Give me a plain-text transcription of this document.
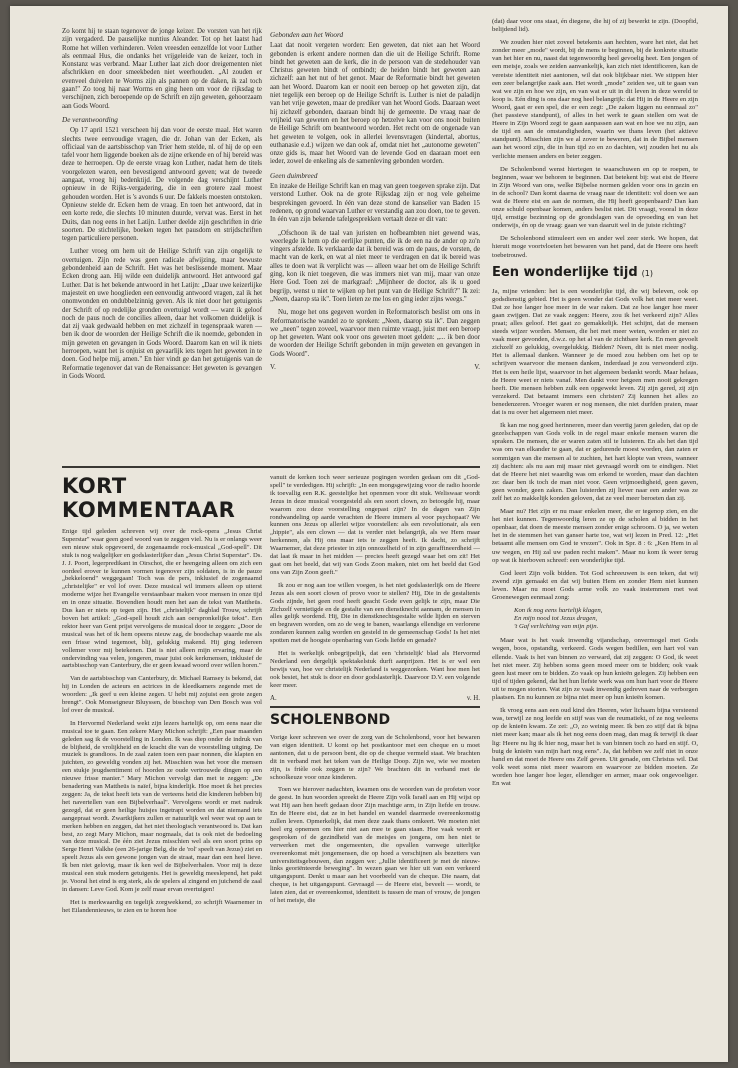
Zo komt hij te staan tegenover de jonge keizer. De vorsten van het rijk zijn vergaderd. De pauselijke nuntius Aleander. Tot op het laatst had Rome het willen verhinderen. Velen vreesden eenzelfde lot voor Luther als eenmaal Hus, die ondanks het vrijgeleide van de keizer, toch in Konstanz was verbrand. Maar Luther laat zich door dreigementen niet afschrikken en door smeekbeden niet weerhouden. „Al zouden er evenveel duivelen te Worms zijn als pannen op de daken, ik zal toch gaan!" Zo toog hij naar Worms en ging heen om voor de rijksdag te verschijnen, zich beroepende op de Schrift en zijn geweten, gehoorzaam aan Gods Woord.

De verantwoording

Op 17 april 1521 verscheen hij dan voor de eerste maal. Het waren slechts twee eenvoudige vragen, die dr. Johan van der Ecken, als officiaal van de aartsbisschop van Trier hem stelde, nl. of hij de op een tafel voor hem liggende boeken als de zijne erkende en of hij bereid was deze te herroepen. Op de eerste vraag kon Luther, nadat hem de titels voorgelezen waren, een bevestigend antwoord geven; wat de tweede aangaat, vroeg hij bedenktijd. De volgende dag verschijnt Luther opnieuw in de Rijks-vergadering, die in een grotere zaal moest gehouden worden. Het is 's avonds 6 uur. De fakkels moesten ontstoken. Opnieuw stelde dr. Ecken hem de vraag. En toen het antwoord, dat in een korte rede, die slechts 10 minuten duurde, vervat was. Eerst in het Duits, dan nog eens in het Latijn. Luther deelde zijn geschriften in drie soorten. De stichtelijke, boeken tegen het pausdom en strijdschriften tegen particuliere personen.

Luther vroeg om hem uit de Heilige Schrift van zijn ongelijk te overtuigen. Zijn rede was geen radicale afwijzing, maar bewuste gebondenheid aan de Schrift. Het was het beslissende moment. Maar Ecken drong aan. Hij wilde een duidelijk antwoord. Het antwoord gaf Luther. Dat is het bekende antwoord in het Latijn: „Daar uwe keizerlijke majesteit en uwe hooglieden een eenvoudig antwoord vragen, zal ik het onomwonden en ondubbelzinnig geven. Als ik niet door het getuigenis der Schrift of op redelijke gronden overtuigd wordt — want ik geloof noch de paus noch de concilies alleen, daar het volkomen duidelijk is dat zij vaak gedwaald hebben en met zichzelf in tegenspraak waren — ben ik door de woorden der Heilige Schrift die ik noemde, gebonden in mijn geweten en gevangen in Gods Woord. Daarom kan en wil ik niets herroepen, want het is onjuist en gevaarlijk iets tegen het geweten in te doen. God helpe mij, amen." En hier vindt ge dan het getuigenis van de Reformatie tegenover dat van de Renaissance: Het geweten is gevangen in Gods Woord.

Gebonden aan het Woord

Laat dat nooit vergeten worden: Een geweten, dat niet aan het Woord gebonden is erkent andere normen dan die uit de Heilige Schrift. Rome bindt het geweten aan de kerk, die in de persoon van de stedehouder van Christus geweten bindt of ontbindt; de heiden bindt het geweten aan zichzelf: aan het nut of het genot. Maar de Reformatie bindt het geweten aan het Woord. Daarom kan er nooit een beroep op het geweten zijn, dat niet tegelijk een beroep op de Heilige Schrift is. Luther is niet de paladijn van het vrije geweten, maar de prediker van het Woord Gods. Daaraan weet hij zichzelf gebonden, daaraan bindt hij de gemeente. De vraag naar de vrijheid van geweten en het beroep op hetzelve kan voor ons nooit buiten de Heilige Schrift om beantwoord worden. Het recht om de ongenade van het geweten te volgen, ook in allerlei levensvragen (kindertal, abortus, euthanasie e.d.) wijzen we dan ook af, omdat niet het „autonome geweten" onze gids is, maar het Woord van de levende God en daaraan moet een ieder, zowel de enkeling als de samenleving gebonden worden.

Geen duimbreed

En inzake de Heilige Schrift kan en mag van geen toegeven sprake zijn. Dat verstond Luther. Ook na de grote Rijksdag zijn er nog vele geheime besprekingen gevoerd. In één van deze stond de kanselier van Baden 15 redenen, op grond waarvan Luther er verstandig aan zou doen, toe te geven. In één van zijn bekende tafelgesprekken vertaalt deze er dit van:

„Ofschoon ik de taal van juristen en hofbeambten niet gewend was, weerlegde ik hem op die eerlijke punten, die ik de een na de ander op zo'n vingers afstelde. Ik verklaarde dat ik bereid was om de paus, de vorsten, de macht van de kerk, en wat al niet meer te verdragen en dat ik bereid was alles te doen wat ik verplicht was — alleen waar het om de Heilige Schrift ging, kon ik niet toegeven, die was immers niet van mij, maar van onze Here God. Toen zei de markgraaf: „Mijnheer de doctor, als ik u goed begrijp, wenst u niet te wijken op het punt van de Heilige Schrift?" Ik zei: „Neen, daarop sta ik". Toen lieten ze me los en ging ieder zijns weegs."

Nu, moge het ons gegeven worden in Reformatorisch beslist om ons in Reformatorische wandel zo te spreken: „Neen, daarop sta ik". Dan zeggen we „neen" tegen zoveel, waarvoor men ruimte vraagt, juist met een beroep op het geweten. Want ook voor ons geweten moet gelden: „... ik ben door de woorden der Heilige Schrift gebonden in mijn geweten en gevangen in Gods Woord".

V.	V.

(dat) daar voor ons staat, én diegene, die hij of zij bewerkt te zijn. (Doopfid, belijdend lid).

We zouden hier niet zoveel betekenis aan hechten, ware het niet, dat het zonder meer „mode" wordt, bij de mens te beginnen, bij de konkrete situatie van het hier en nu, naast dat tegenwoordig heel gevoelig heet. Een jongen of een meisje, zoals we zeiden aanvankelijk, kan zich niet identificeren, kan de vereiste identiteit niet aantonen, wil dat ook blijkbaar niet. We stippen hier een zeer belangrijke zaak aan. Het wordt „mode" zeiden we, uit te gaan van wat we zijn en hoe we zijn, en van wat er uit in dit leven in deze wereld te koop is. Eén ding is ons daar nog heel belangrijk: dat Hij in de Heere en zijn Woord, gaat er een spel, die er een zegt: „De zaken liggen nu eenmaal zo" (het passieve standpunt), of alles in het werk te gaan stellen om wat de Heere in Zijn Woord zegt te gaan aanpassen aan wat en hoe we nu zijn, aan de tijd en aan de omstandigheden, waarin we thans leven (het aktieve standpunt). Misschien zijn we al zover te beweren, dat in de Bijbel mensen aan het woord zijn, die in hun tijd zo en zo dachten, wij zouden het nu als verlichte mensen anders en beter zeggen.

De Scholenbond wenst hiertegen te waarschuwen en op te roepen, te beginnen, waar we behoren te beginnen. Dat betekent bij: wat eist de Heere in Zijn Woord van ons, welke Bijbelse normen gelden voor ons in gezin en in de school? Dan komt daarna de vraag naar de identiteit: vol doen we aan wat de Heere eist en aan de normen, die Hij heeft geopenbaard? Dan kan onze schuld openbaar komen, anders beslist niet. Dit vraagt, vooral in deze tijd, ernstige bezinning op de grondslagen van de opvoeding en van het onderwijs, én op de vraag: gaan we van daaruit wel in de juiste richting?

De Scholenbond stimuleert een en ander wel zeer sterk. We hopen, dat hieruit moge voortvloeien het bewaren van het pand, dat de Heere ons heeft toebetrouwd.

Een wonderlijke tijd (1)

Ja, mijne vrienden: het is een wonderlijke tijd, die wij beleven, ook op godsdienstig gebied. Het is geen wonder dat Gods volk het niet meer weet. Dat ze hoe langer hoe meer in de war raken. Dat ze hoe langer hoe meer gaan zwijgen. Dat ze vaak zeggen: Heere, zou ik het verkeerd zijn? Alles praat; alles geloof. Het gaat zo gemakkelijk. Het schijnt, dat de mensen steeds wijzer worden. Mensen, die het met meer weten, worden er niet zo vaak meer gevonden, d.w.z. op het al van de zichtbare kerk. En men gevoelt zichzelf zo gelukkig, overgelukkig. Bidden? Neen, dit is niet meer nodig. Het is allemaal danken. Wanneer je de moed zou hebben om het op te schrijven waarvoor die mensen danken, inderdaad je zou verwonderd zijn. Het is een heile lijst, waarvoor in het algemeen bedankt wordt. Maar helaas, de Heere weet er niets vanaf. Men dankt voor hetgeen men nooit gekregen heeft. Die mensen hebben zulk een opgewekt leven. Zij zijn gered, zij zijn verzekerd. Dat betaamt immers een christen? Zij kunnen het alles zo benedenzeren. Vroeger waren er nog mensen, die niet durfden praten, maar dat is nu over het algemeen niet meer.

Ik kan me nog goed herinneren, meer dan veertig jaren geleden, dat op de gezelschappen van Gods volk in de regel maar enkele mensen waren die spraken. De mensen, die er waren zaten stil te luisteren. En als het dan tijd was om van elkander te gaan, dat er gedurende moest worden, dan zaten er sommigen van die mensen al te zuchten, het hart klopte van vrees, wanneer zij dachten: als nu aan mij maar niet gevraagd wordt om te eindigen. Niet dat de Heere het niet waardig was om erkend te worden, maar dan dachten ze: daar ben ik toch de man niet voor. Geen vrijmoedigheid, geen gaven, geen wonder, geen zaken. Dan luisterden zij liever naar een ander was ze zelf het zo makkelijk konden geloven, dat ze veel meer beroeten dan zij.

Maar nu? Het zijn er nu maar enkelen meer, die er tegenop zien, en die het niet kunnen. Tegenwoordig leren ze op de scholen al bidden in het openbaar, dat doen de meeste mensen zonder enige schroom. O ja, we weten het in de stemmen het van ganser harte toe, wat wij lezen in Pred. 12: „Het betaamt alle mensen om God te vrezen". Ook in Spr. 8 : 6: „Ken Hem in al uw wegen, en Hij zal uw paden recht maken". Maar nu kom ik weer terug op wat ik hierboven schreef: een wonderlijke tijd.

God leert Zijn volk bidden. Tot God schreeuwen is een teken, dat wij zwend zijn gemaakt en dat wij buiten Hem en zonder Hem niet kunnen leven. Maar nu moet Gods arme volk zo vaak instemmen met wat Groenewegen eenmaal zong:

Kon ik nog eens hartelijk klagen,
En mijn nood tot Jezus dragen,
't Gaf verlichting van mijn pijn.

Maar wat is het vaak inwendig vijandschap, onvermogel met Gods wegen, boos, opstandig, verkeerd. Gods wegen bedillen, een hart vol van ellende. Vaak is het van binnen zo verward, dat zij zeggen: O God, ik weet het niet meer. Zij hebben soms geen moed meer om te bidden; ook vaak geen lust meer om te bidden. Zo vaak op hun knieën gelegen. Zij hebben een tijd of tijden gekend, dat het hun liefste werk was om hun hart voor de Heere uit te mogen storten. Wat zijn ze vaak inwendig gedreven naar de verborgen plaatsen. En nu kunnen ze bijna niet meer op hun knieën komen.

Ik vroeg eens aan een oud kind des Heeren, wier lichaam bijna versteend was, terwijl ze nog leefde en stijf was van de reumatiekt, of ze nog weleens op de knieën kwam. Ze zei: „O, zo weinig meer. Ik ben zo stijf dat ik bijna niet meer kan; maar als ik het nog eens doen mag, dan mag ik terwijl ik daar lig: Heere nu lig ik hier nog, maar het is van binnen toch zo hard en stijf. O, buig de knieën van mijn hart nog eens". Ja, dat hebben we zelf niet in onze hand en dat moet de Heere ons Zelf geven. Uit genade, om Christus wil. Dat volk weet soms niet meer waarom en waarvoor ze bidden moeten. Ze worden hoe langer hoe leger, ellendiger en armer, maar ook ongevoeliger. En wat

KORT KOMMENTAAR

Enige tijd geleden schreven wij over de rock-opera „Jesus Christ Superstar" waar geen goed woord van te zeggen viel. Nu is er onlangs weer een nieuw stuk opgevoerd, de zogenaamde rock-musical „God-spell". Dit stuk is nog walgelijker en godslasterlijker dan „Jesus Christ Superstar". Ds. J. J. Poort, legerpredikant in Oirschot, die er heengeing alleen om zich een oordeel erover te kunnen vormen tegenover zijn soldaten, is in de pauze „bekkeloend" weggegaan! Toch was de pers, inklusief de zogenaamd „christelijke" er vol lof over. Deze musical wil immers alleen op uiterst moderne wijze het Evangelie verstaanbaar maken voor mensen in onze tijd en in onze situatie. Bovendien houdt men het aan de tekst van Mattheüs. Dus kan er niets op tegen zijn. Het „christelijk" dagblad Trouw, schrijft boven het artikel: „God-spell houdt zich aan oerspronkelijke tekst". Een rektor heer van Gent prijst vervolgens de musical door te zeggen: „Door de musical was het of ik hem opeens nieuw zag, de boodschap waarde me als een frisse wind tegemoet, blij, gelukkig makend. Hij ging iedereen vollemer voor mij betekenen. Dat is niet alleen mijn ervaring, maar de ondervinding vaa velen, jongeren, maar juist ook kerkmensen, inklusief de aartsbisschop van Canterbury, die er geen kwaad woord over willen horen."

Van de aartsbisschop van Canterbury, dr. Michael Ramsey is bekend, dat hij in Londen de acteurs en actrices in de kleedkamers zegende met de woorden: „Ik geef u een kleine zegen. U hebt mij zojuist een grote zegen brengt". Ook Monseigneur Bluyssen, de bisschop van Den Bosch was vol lof over de musical.

In Hervormd Nederland wekt zijn lezers hartelijk op, om eens naar die musical toe te gaan. Een zekere Mary Michon schrijft: „Een paar maanden geleden sag ik de voorstelling in Londen. Ik was diep onder de indruk van de blijheid, de vrolijkheid en de kracht die van de voorstelling uitging. De muziek is grandioos. In de zaal zaten toen een paar nonnen, die klapten en juichten, zo geweldig vonden zij het. Misschien was het voor die mensen een stukje jeugdsentiment of hoorden ze oude vertrouwde dingen op een nieuwe frisse manier." Mary Michon vervolgt dan met te zeggen: „De benadering van Mattheüs is naïef, bijna kinderlijk. Hoe moet ik het precies zeggen: Ja, de tekst heeft iets van de verteens heid die kinderen hebben bij het navertellen van een Bijbelverhaal". Vervolgens wordt er met nadruk gezegd, dat er geen heilige huisjes ingetrapt worden en dat niemand iets aangepraat wordt. Zwartkijkers zullen er natuurlijk wel weer wat op aan te merken hebben en zeggen, dat het niet theologisch verantwoord is. Dat kan best, zo zegt Mary Michon, maar nogmaals, dat is ook niet de bedoeling van deze musical. De één ziet Jezus misschien wel als een soort prins op Serge Henri Valkhe (een 26-jarige Belg, die de 'rol' speelt van Jezus) ziet en speelt Jezus als een gewone jongen van de straat, maar dan een heel lieve. Ik ben niet gelovig, maar ik ken wel de Bijbelverhalen. Voor mij is deze musical een stuk modern getuigenis. Het is geweldig meeslepend, het pakt je. Vooral het eind is erg sterk, als de spelers al zingend en juichend de zaal in dansen: Leve God. Kom je zelf maar ervan overtuigen!

Het is merkwaardig en tegelijk zorgwekkend, zo schrijft Waarnemer in het Eilandennieuws, te zien en te horen hoe

vanuit de kerken toch weer serieuze pogingen worden gedaan om dit „God-spell" te verdedigen. Hij schrijft: „In een mongsgewijzing voor de radio hoorde ik toevallig een R.K. geestelijke het openmen voor dit stuk. Weliswaar wordt Jezus in deze musical voorgesteld als een soort clown, zo betoogde hij, maar waarom zou deze voorstelling ongepast zijn? In de dagen van Zijn rondwandeling op aarde verachten de Heere immers al voor psychopaat? We kunnen ons Jezus op allerlei wijze voorstellen: als een revolutionair, als een „hippie", als een clown — dat is verder niet belangrijk, als we Hem maar herkennen, als Hij ons maar iets te zeggen heeft. Ik dacht, zo schrijft Waarnemer, dat deze priester in zijn onnozelheid of in zijn geraffineerdheid — dat laat ik maar in het midden — precies heeft gezegd waar het om zit! Het gaat om het beeld, dat wij van Gods Zoon maken, niet om het beeld dat God ons van Zijn Zoon geeft."

Ik zou er nog aan toe willen voegen, is het niet godslasterlijk om de Heere Jezus als een soort clown of provo voor te stellen? Hij, Die in de gestaltenis Gods zijnde, het geen roof heeft geacht Gode even gelijk te zijn, maar Die Zichzelf vernietigde en de gestalte van een dienstknecht aannam, de mensen in alles gelijk wordend. Hij, Die in dienstknechtsgestalte wilde lijden en sterven en begraven worden, om zo de weg te banen, waarlangs ellendige en verlorene zondaren kunnen zalig worden en gesteld in de gemeenschap Gods! Is het niet spotten met de hoogste openbaring van Gods liefde en genade?

Het is werkelijk onbegrijpelijk, dat een 'christelijk' blad als Hervormd Nederland een dergelijk spektakelstuk durft aanprijzen. Het is er wel een bewijs van, hoe ver christelijk Nederland is weggezonken. Want hoe men het ook besiet, het stuk is door en door godslasterlijk. Daarvoor D.V. een volgende keer meer.

A.	v. H.
SCHOLENBOND

Vorige keer schreven we over de zorg van de Scholenbond, voor het bewaren van eigen identiteit. U komt op het postkantoor met een cheque en u moet aantonen, dat u de persoon bent, die op de cheque vermeld staat. We brachten dit in verband met het teken van de Heilige Doop. Zijn we, wie we moeten zijn, is frièle ook zeggen te zijn? We brachten dit in verband met de schoolkeuze voor onze kinderen.

Toen we hierover nadachten, kwamen ons de woorden van de profeten voor de geest. In hun woorden spreekt de Heere Zijn volk Israël aan en Hij wijst op wat Hij aan hen heeft gedaan door Zijn machtige arm, in Zijn liefde en trouw. En de Heere eist, dat ze in het handel en wandel daarmede overeenkomstig zullen leven. Opmerkelijk, dat men deze zaak thans omkeert. We moeten niet heel erg opnemen om hier niet aan mee te gaan staan. Hoe vaak wordt er gesproken of de gezindheid van de meisjes en jongens, om hen niet te verwerken met die ongemeenten, die opvallen vanwege uiterlijke overeenkomst mèt jongemensen, die op hoed a verschijnen als bezetters van universiteitsgebouwen, dan zeggen we: „Jullie identificeert je met de nieuw-links georiënteerde beweging". In wezen gaan we hier uit van een verkeerd uitgangspunt. Denkt u maar aan het voorbeeld van de cheque. Die naam, dat cheque, is het uitgangspunt. Gevraagd — de Heere eist, beveelt — wordt, te laten zien, dat er overeenkomst, identiteit is tussen de man of vrouw, de jongen of het meisje, die
